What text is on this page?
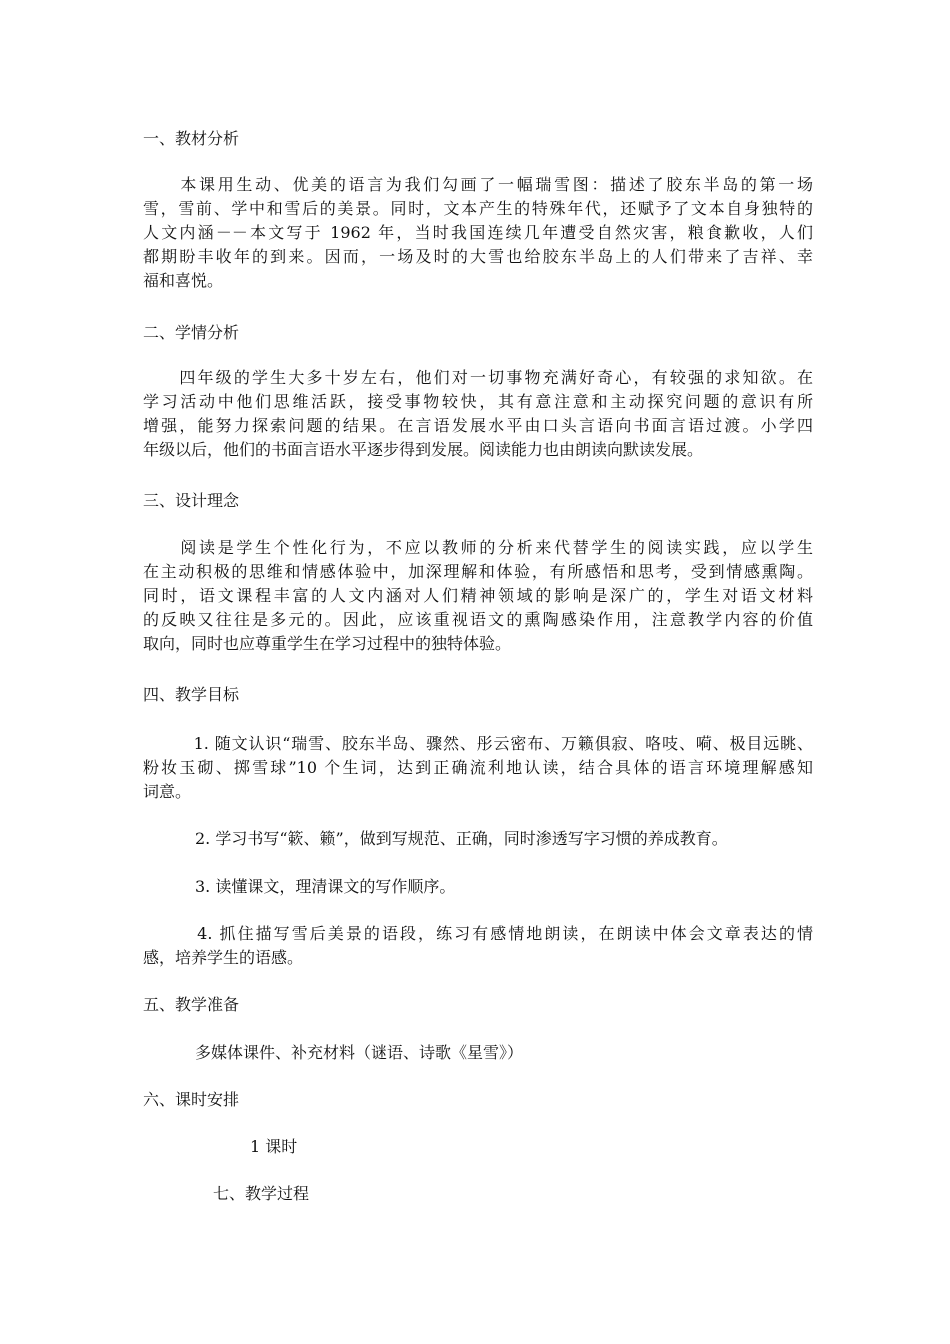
一、教材分析
　　本课用生动、优美的语言为我们勾画了一幅瑞雪图：描述了胶东半岛的第一场
雪，雪前、学中和雪后的美景。同时，文本产生的特殊年代，还赋予了文本自身独特的
人文内涵－－本文写于 1962 年，当时我国连续几年遭受自然灾害，粮食歉收，人们
都期盼丰收年的到来。因而，一场及时的大雪也给胶东半岛上的人们带来了吉祥、幸
福和喜悦。
二、学情分析
　　四年级的学生大多十岁左右，他们对一切事物充满好奇心，有较强的求知欲。在
学习活动中他们思维活跃，接受事物较快，其有意注意和主动探究问题的意识有所
增强，能努力探索问题的结果。在言语发展水平由口头言语向书面言语过渡。小学四
年级以后，他们的书面言语水平逐步得到发展。阅读能力也由朗读向默读发展。
三、设计理念
　　阅读是学生个性化行为，不应以教师的分析来代替学生的阅读实践，应以学生
在主动积极的思维和情感体验中，加深理解和体验，有所感悟和思考，受到情感熏陶。
同时，语文课程丰富的人文内涵对人们精神领域的影响是深广的，学生对语文材料
的反映又往往是多元的。因此，应该重视语文的熏陶感染作用，注意教学内容的价值
取向，同时也应尊重学生在学习过程中的独特体验。
四、教学目标
　　　1. 随文认识“瑞雪、胶东半岛、骤然、彤云密布、万籁俱寂、咯吱、嗬、极目远眺、
粉妆玉砌、掷雪球”10 个生词，达到正确流利地认读，结合具体的语言环境理解感知
词意。
2. 学习书写“簌、籁”，做到写规范、正确，同时渗透写字习惯的养成教育。
3. 读懂课文，理清课文的写作顺序。
　　　4. 抓住描写雪后美景的语段，练习有感情地朗读，在朗读中体会文章表达的情
感，培养学生的语感。
五、教学准备
多媒体课件、补充材料（谜语、诗歌《星雪》）
六、课时安排
1 课时
七、教学过程
